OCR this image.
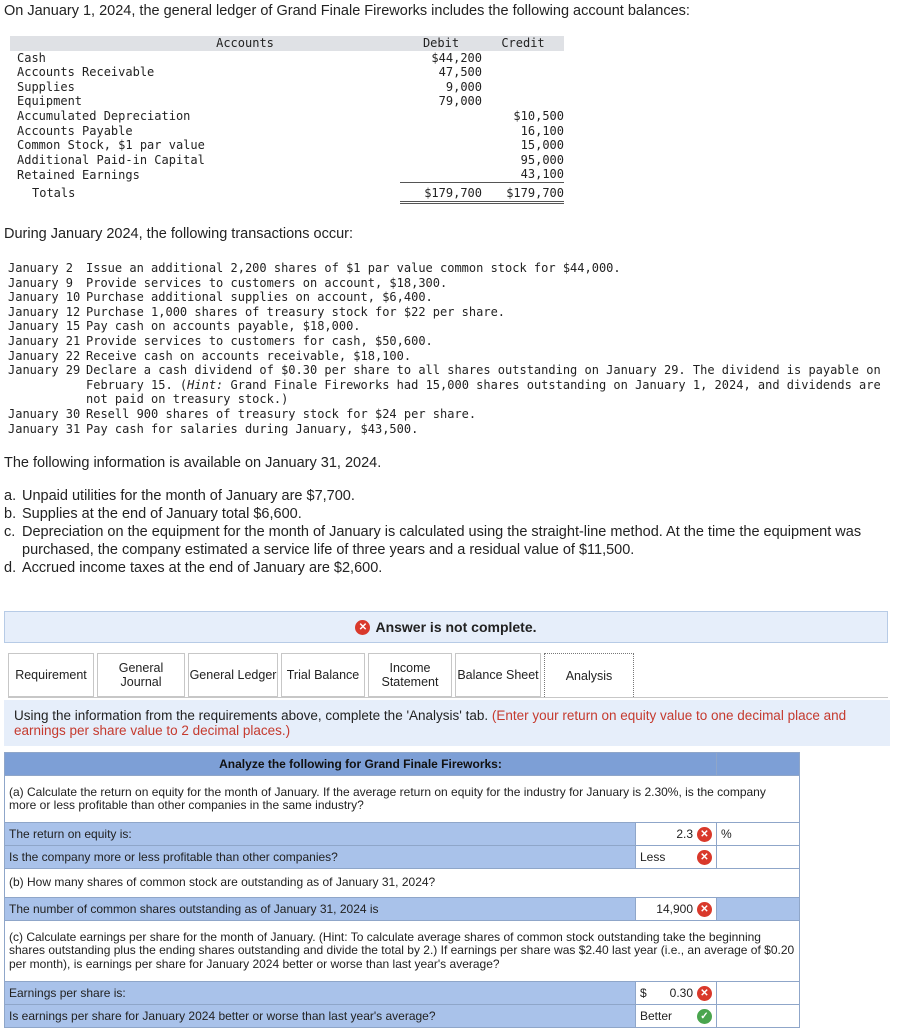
On January 1, 2024, the general ledger of Grand Finale Fireworks includes the following account balances:
Accounts	Debit	Credit
Cash	$44,200	
Accounts Receivable	47,500	
Supplies	9,000	
Equipment	79,000	
Accumulated Depreciation		$10,500
Accounts Payable		16,100
Common Stock, $1 par value		15,000
Additional Paid-in Capital		95,000
Retained Earnings		43,100
Totals	$179,700	$179,700
During January 2024, the following transactions occur:
January 2	Issue an additional 2,200 shares of $1 par value common stock for $44,000.
January 9	Provide services to customers on account, $18,300.
January 10 Purchase additional supplies on account, $6,400.
January 12 Purchase 1,000 shares of treasury stock for $22 per share.
January 15 Pay cash on accounts payable, $18,000.
January 21 Provide services to customers for cash, $50,600.
January 22 Receive cash on accounts receivable, $18,100.
January 29 Declare a cash dividend of $0.30 per share to all shares outstanding on January 29. The dividend is payable on February 15. (Hint: Grand Finale Fireworks had 15,000 shares outstanding on January 1, 2024, and dividends are not paid on treasury stock.)
January 30 Resell 900 shares of treasury stock for $24 per share.
January 31 Pay cash for salaries during January, $43,500.
The following information is available on January 31, 2024.
a. Unpaid utilities for the month of January are $7,700.
b. Supplies at the end of January total $6,600.
c. Depreciation on the equipment for the month of January is calculated using the straight-line method. At the time the equipment was purchased, the company estimated a service life of three years and a residual value of $11,500.
d. Accrued income taxes at the end of January are $2,600.
✕ Answer is not complete.
Requirement	General Journal	General Ledger Trial Balance	Income Statement	Balance Sheet	Analysis
Using the information from the requirements above, complete the 'Analysis' tab. (Enter your return on equity value to one decimal place and earnings per share value to 2 decimal places.)
Analyze the following for Grand Finale Fireworks:		
(a) Calculate the return on equity for the month of January. If the average return on equity for the industry for January is 2.30%, is the company more or less profitable than other companies in the same industry?		
The return on equity is:	2.3 ✕	%
Is the company more or less profitable than other companies?	Less ✕	

(b) How many shares of common stock are outstanding as of January 31, 2024?		
The number of common shares outstanding as of January 31, 2024 is	14,900 ✕	

(c) Calculate earnings per share for the month of January. (Hint: To calculate average shares of common stock outstanding take the beginning shares outstanding plus the ending shares outstanding and divide the total by 2.) If earnings per share was $2.40 last year (i.e., an average of $0.20 per month), is earnings per share for January 2024 better or worse than last year's average?		
Earnings per share is:	$ 0.30 ✕	

Is earnings per share for January 2024 better or worse than last year's average?	Better ✓	
